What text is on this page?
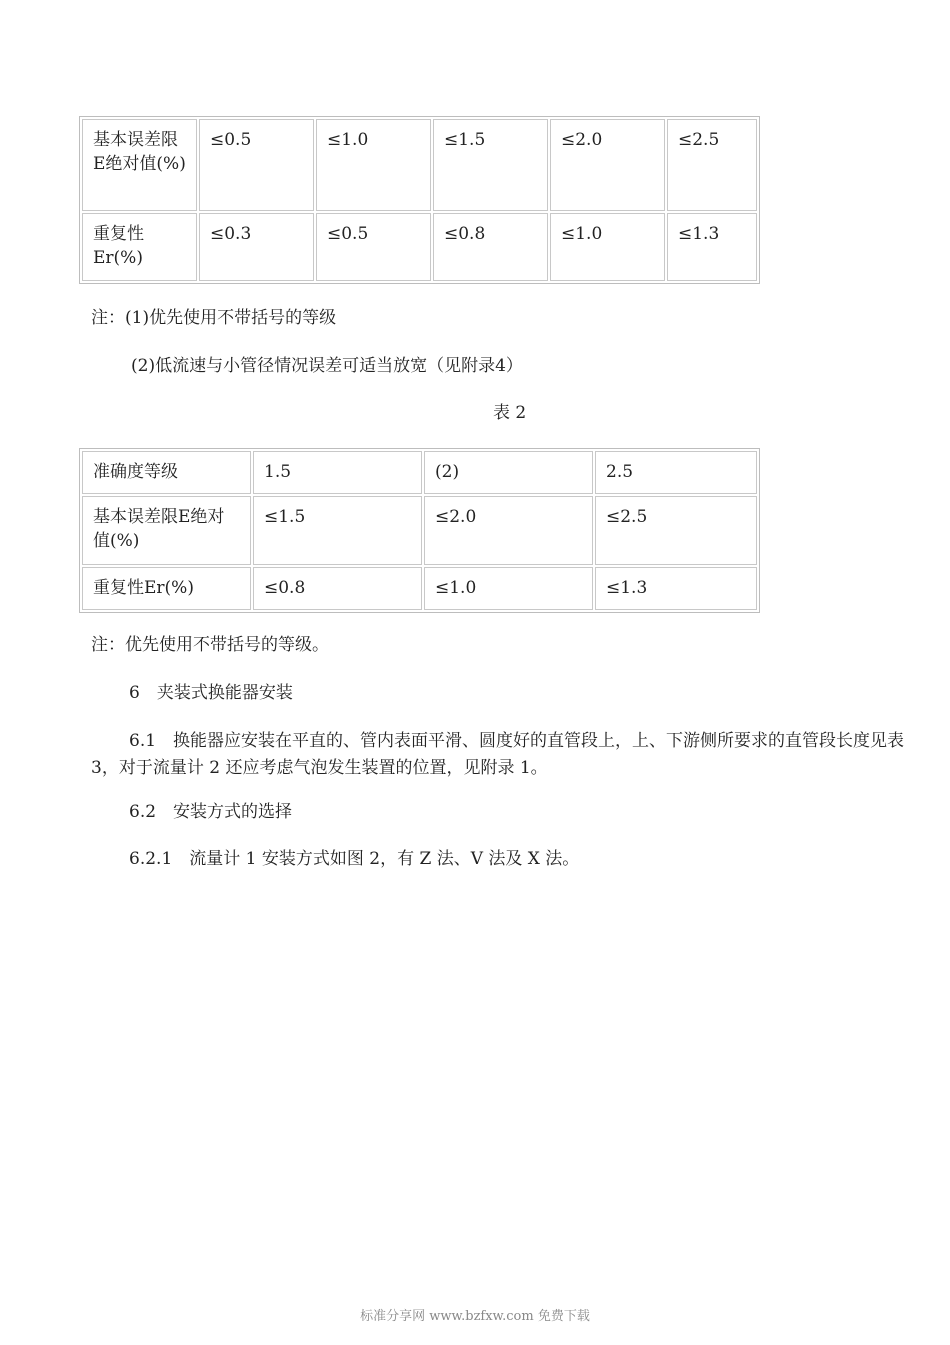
基本误差限E绝对值(%)	≤0.5	≤1.0	≤1.5	≤2.0	≤2.5
重复性Er(%)	≤0.3	≤0.5	≤0.8	≤1.0	≤1.3
注：(1)优先使用不带括号的等级
(2)低流速与小管径情况误差可适当放宽（见附录4）
表 2
准确度等级	1.5	(2)	2.5
基本误差限E绝对值(%)	≤1.5	≤2.0	≤2.5
重复性Er(%)	≤0.8	≤1.0	≤1.3
注：优先使用不带括号的等级。
6　夹装式换能器安装
6.1　换能器应安装在平直的、管内表面平滑、圆度好的直管段上，上、下游侧所要求的直管段长度见表 3，对于流量计 2 还应考虑气泡发生装置的位置，见附录 1。
6.2　安装方式的选择
6.2.1　流量计 1 安装方式如图 2，有 Z 法、V 法及 X 法。
标准分享网 www.bzfxw.com 免费下载
